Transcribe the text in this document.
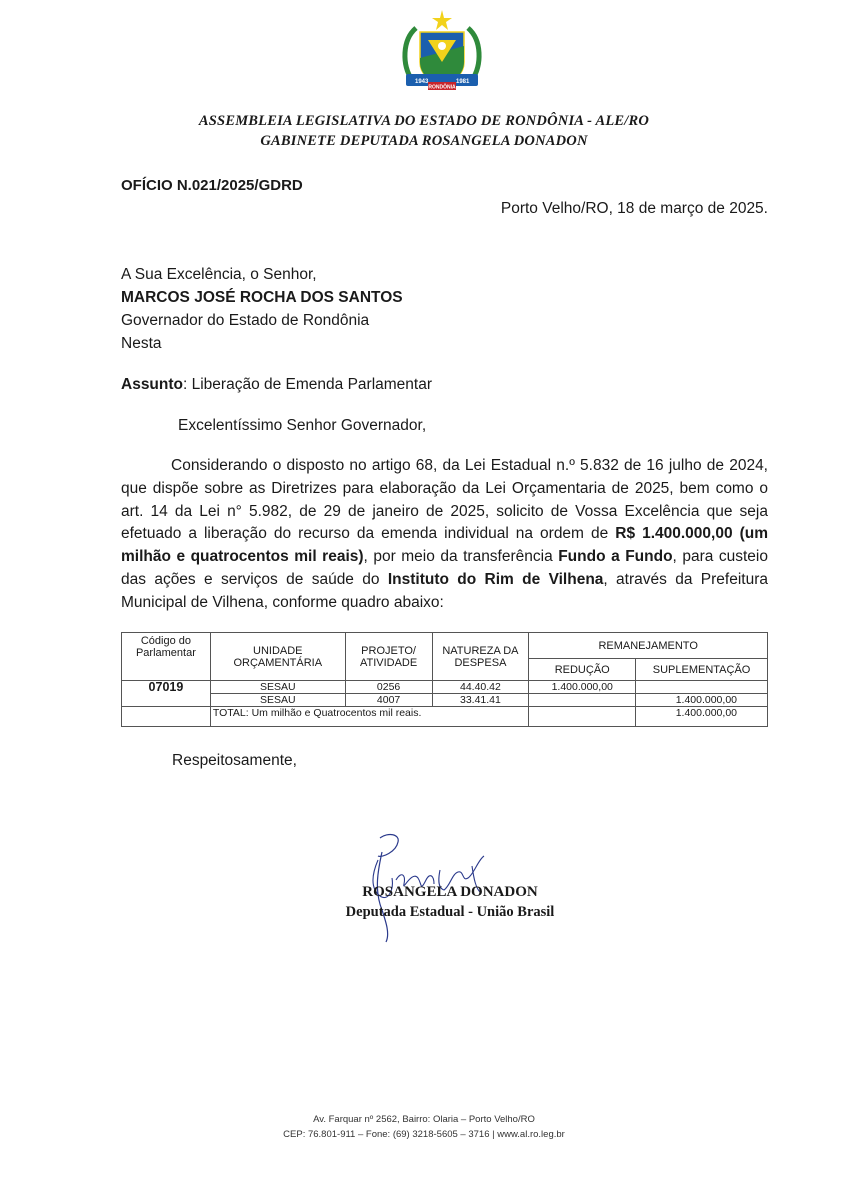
1943	1981
RONDÔNIA
ASSEMBLEIA LEGISLATIVA DO ESTADO DE RONDÔNIA - ALE/RO
GABINETE DEPUTADA ROSANGELA DONADON
OFÍCIO N.021/2025/GDRD
Porto Velho/RO, 18 de março de 2025.
A Sua Excelência, o Senhor,
MARCOS JOSÉ ROCHA DOS SANTOS
Governador do Estado de Rondônia
Nesta
Assunto: Liberação de Emenda Parlamentar
Excelentíssimo Senhor Governador,

Considerando o disposto no artigo 68, da Lei Estadual n.º 5.832 de 16 julho de 2024, que dispõe sobre as Diretrizes para elaboração da Lei Orçamentaria de 2025, bem como o art. 14 da Lei n° 5.982, de 29 de janeiro de 2025, solicito de Vossa Excelência que seja efetuado a liberação do recurso da emenda individual na ordem de R$ 1.400.000,00 (um milhão e quatrocentos mil reais), por meio da transferência Fundo a Fundo, para custeio das ações e serviços de saúde do Instituto do Rim de Vilhena, através da Prefeitura Municipal de Vilhena, conforme quadro abaixo:

Código do Parlamentar	UNIDADE ORÇAMENTÁRIA	PROJETO/ ATIVIDADE	NATUREZA DA DESPESA	REMANEJAMENTO	
				REDUÇÃO	SUPLEMENTAÇÃO
07019	SESAU	0256	44.40.42	1.400.000,00	
	SESAU	4007	33.41.41		1.400.000,00
	TOTAL: Um milhão e Quatrocentos mil reais.				1.400.000,00
Respeitosamente,
ROSANGELA DONADON
Deputada Estadual - União Brasil
Av. Farquar nº 2562, Bairro: Olaria – Porto Velho/RO
CEP: 76.801-911 – Fone: (69) 3218-5605 – 3716 | www.al.ro.leg.br
